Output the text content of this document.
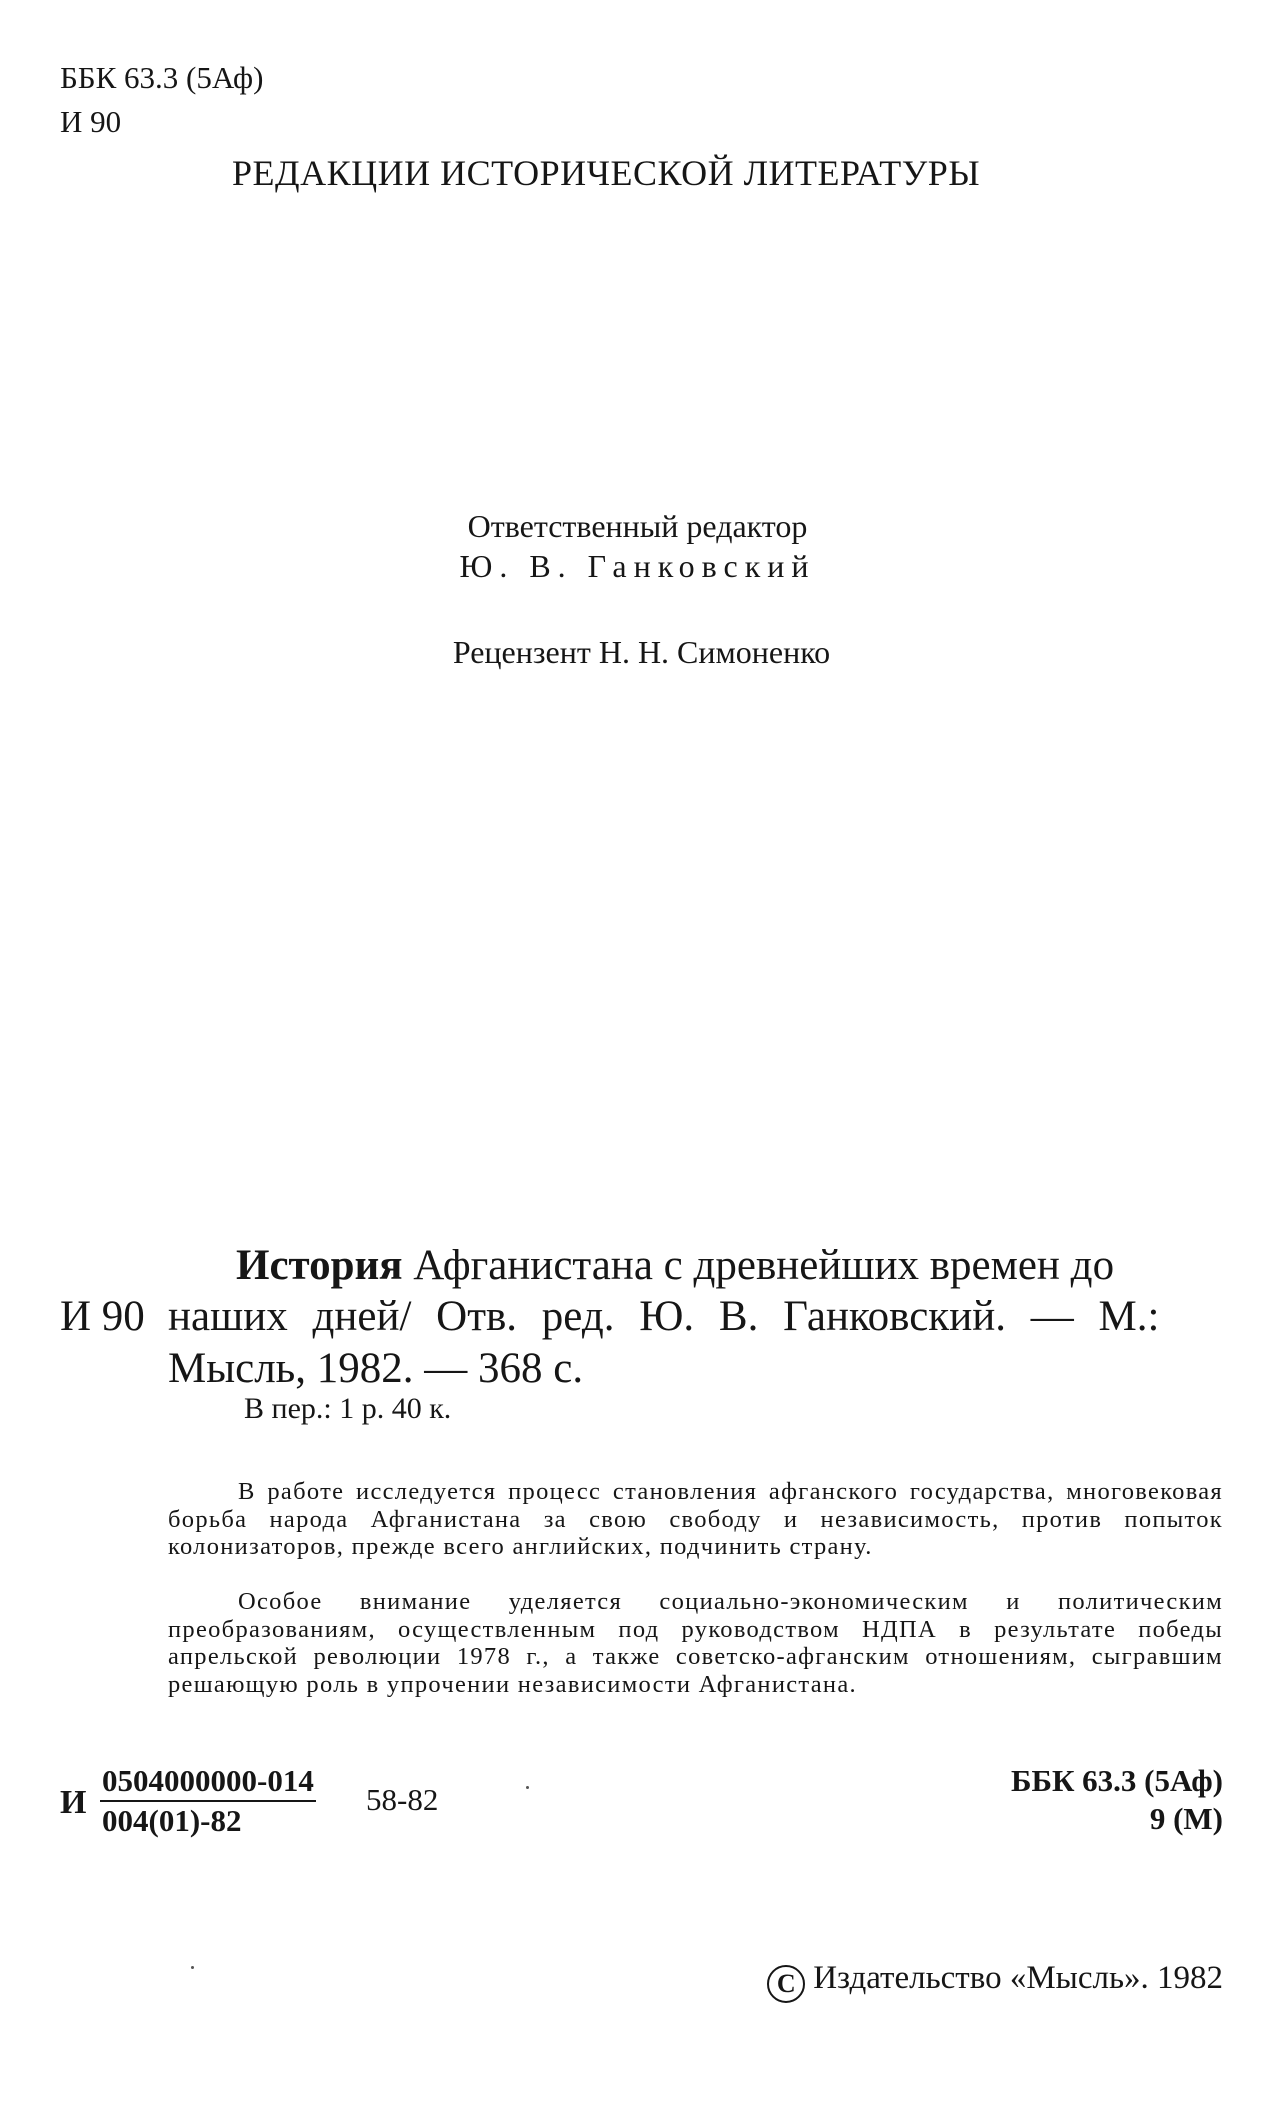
ББК 63.3 (5Аф)
И 90
РЕДАКЦИИ ИСТОРИЧЕСКОЙ ЛИТЕРАТУРЫ
Ответственный редактор
Ю. В. Ганковский
Рецензент Н. Н. Симоненко
История Афганистана с древнейших времен до
И 90 наших дней/ Отв. ред. Ю. В. Ганковский. — М.:
Мысль, 1982. — 368 с.
В пер.: 1 р. 40 к.
В работе исследуется процесс становления афганского государства, многовековая борьба народа Афганистана за свою свободу и независимость, против попыток колонизаторов, прежде всего английских, подчинить страну.
Особое внимание уделяется социально-экономическим и политическим преобразованиям, осуществленным под руководством НДПА в результате победы апрельской революции 1978 г., а также советско-афганским отношениям, сыгравшим решающую роль в упрочении независимости Афганистана.
И $\frac{0504000000-014}{004(01)-82} 58-82$
ББК 63.3 (5Аф)
9 (М)
C Издательство «Мысль». 1982
